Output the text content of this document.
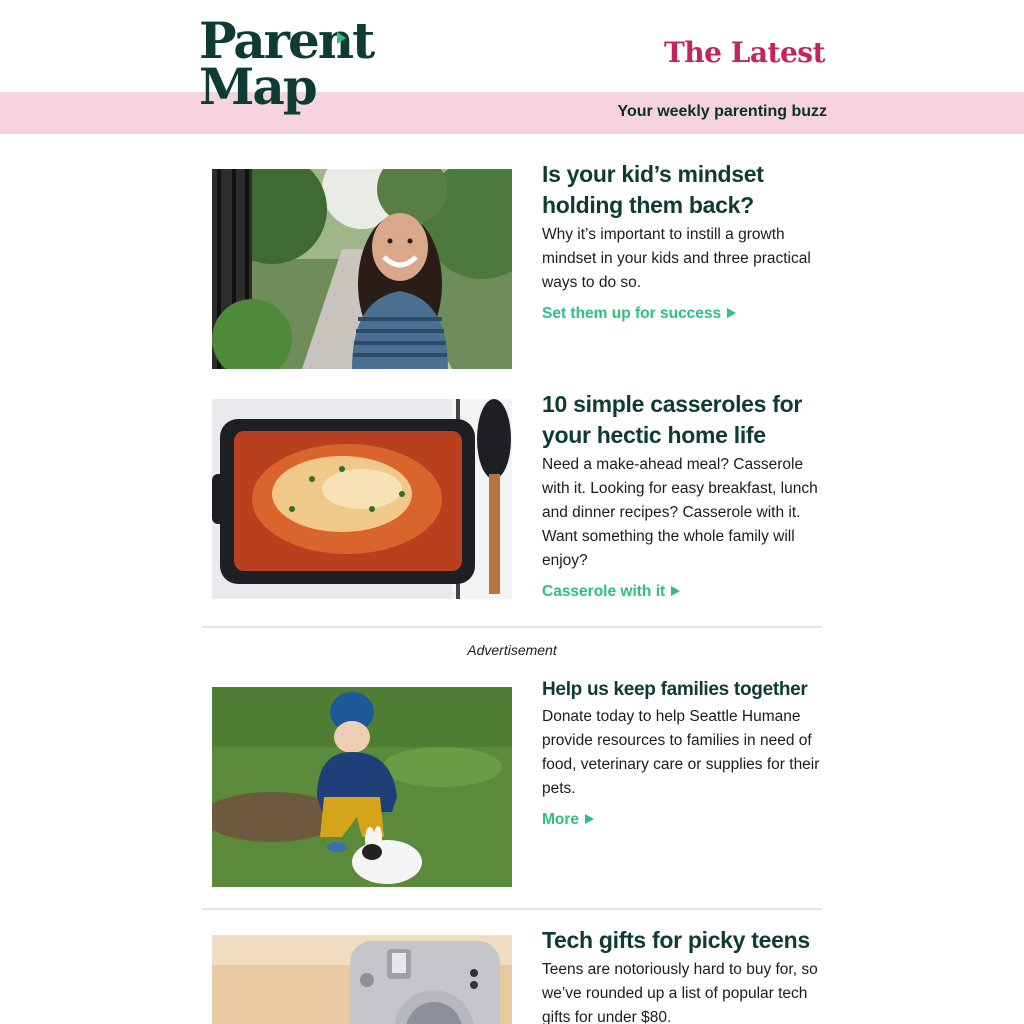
Parent
Map
The Latest
Your weekly parenting buzz
Is your kid’s mindset holding them back?
Why it’s important to instill a growth mindset in your kids and three practical ways to do so.
Set them up for success
10 simple casseroles for your hectic home life
Need a make-ahead meal? Casserole with it. Looking for easy breakfast, lunch and dinner recipes? Casserole with it. Want something the whole family will enjoy?
Casserole with it
Advertisement
Help us keep families together
Donate today to help Seattle Humane provide resources to families in need of food, veterinary care or supplies for their pets.
More
Tech gifts for picky teens
Teens are notoriously hard to buy for, so we’ve rounded up a list of popular tech gifts for under $80.
